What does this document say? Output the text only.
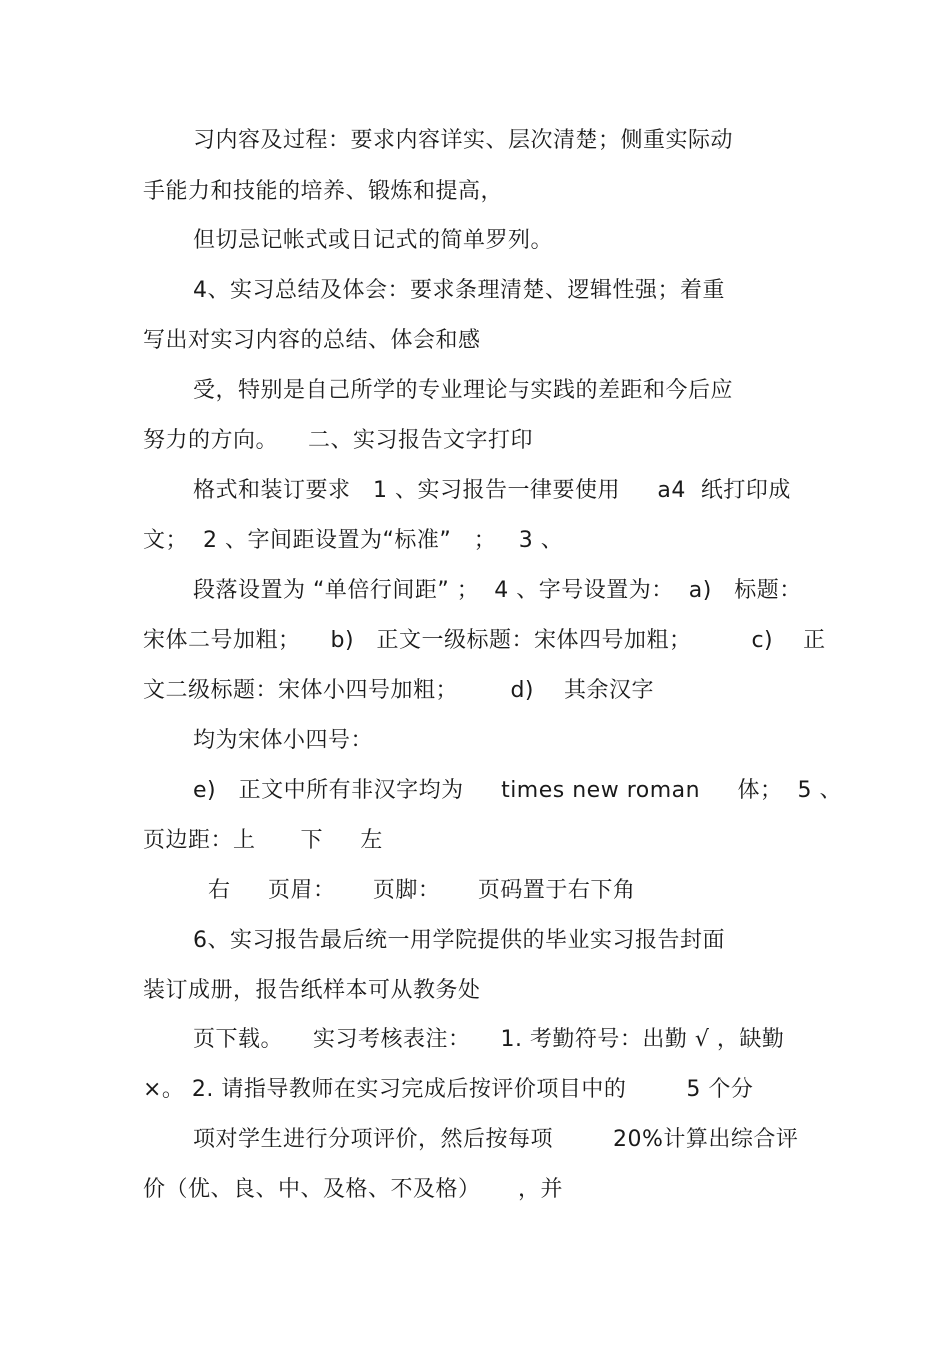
习内容及过程：要求内容详实、层次清楚；侧重实际动
手能力和技能的培养、锻炼和提高，
但切忌记帐式或日记式的简单罗列。
4、实习总结及体会：要求条理清楚、逻辑性强；着重
写出对实习内容的总结、体会和感
受，特别是自己所学的专业理论与实践的差距和今后应
努力的方向。    二、实习报告文字打印
格式和装订要求   1 、实习报告一律要使用     a4  纸打印成
文；  2 、字间距设置为“标准”   ；   3 、
段落设置为 “单倍行间距” ；  4 、字号设置为：  a)   标题：
宋体二号加粗；    b)   正文一级标题：宋体四号加粗；        c)    正
文二级标题：宋体小四号加粗；       d)    其余汉字
均为宋体小四号：
e)   正文中所有非汉字均为     times new roman     体；  5 、
页边距：上      下     左
右     页眉：     页脚：     页码置于右下角
6、实习报告最后统一用学院提供的毕业实习报告封面
装订成册，报告纸样本可从教务处
页下载。    实习考核表注：    1. 考勤符号：出勤 √ ，缺勤
×。 2. 请指导教师在实习完成后按评价项目中的        5 个分
项对学生进行分项评价，然后按每项        20%计算出综合评
价（优、良、中、及格、不及格）     ，并
